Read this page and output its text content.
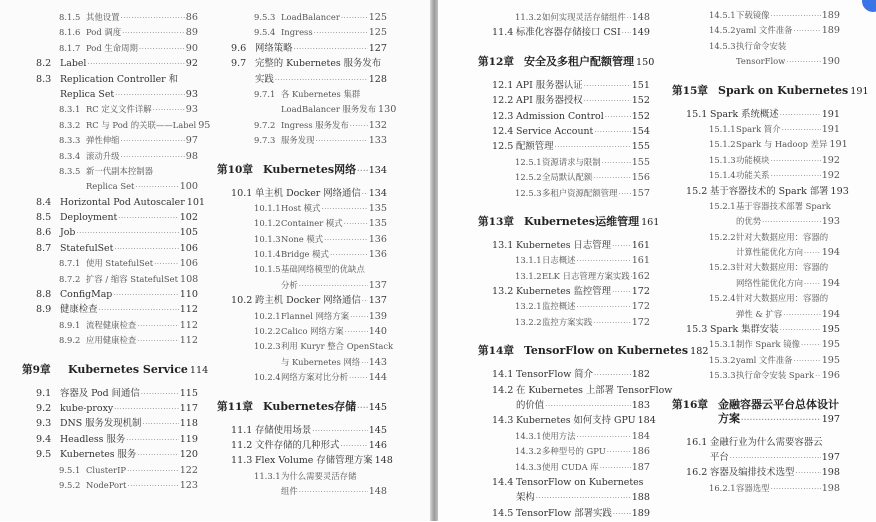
8.1.5 其他设置 ·····	86
8.1.6 Pod 调度 ·····	89
8.1.7 Pod 生命周期 ·····	90
8.2 Label ·····	92
8.3 Replication Controller 和
Replica Set ·····	93
8.3.1 RC 定义文件详解 ·····	93
8.3.2 RC 与 Pod 的关联——Label 95
8.3.3 弹性伸缩 ·····	97
8.3.4 滚动升级 ·····	98
8.3.5 新一代副本控制器
Replica Set ·····	100
8.4 Horizontal Pod Autoscaler 101
8.5 Deployment ·····	102
8.6 Job ·····	105
8.7 StatefulSet ·····	106
8.7.1 使用 StatefulSet ·····	106
8.7.2 扩容 / 缩容 StatefulSet 108
8.8 ConfigMap ·····	110
8.9 健康检查 ·····	112
8.9.1 流程健康检查 ·····	112
8.9.2 应用健康检查 ·····	112
第9章	Kubernetes Service 114
9.1 容器及 Pod 间通信 ·····	115
9.2 kube-proxy ·····	117
9.3 DNS 服务发现机制 ·····	118
9.4 Headless 服务 ·····	119
9.5 Kubernetes 服务 ·····	120
9.5.1 ClusterIP ·····	122
9.5.2 NodePort ·····	123
9.5.3 LoadBalancer ·····	125
9.5.4 Ingress ·····	125
9.6 网络策略 ·····	127
9.7 完整的 Kubernetes 服务发布
实践 ·····	128
9.7.1 各 Kubernetes 集群
LoadBalancer 服务发布 130
9.7.2 Ingress 服务发布 ····· 132
9.7.3 服务发现 ·····	133
第10章 Kubernetes网络 ····· 134
10.1 单主机 Docker 网络通信 ····· 134
10.1.1 Host 模式 ·····	135
10.1.2 Container 模式 ·····	135
10.1.3 None 模式 ·····	136
10.1.4 Bridge 模式 ·····	136
10.1.5 基础网络模型的优缺点
分析 ·····	137
10.2 跨主机 Docker 网络通信 ····· 137
10.2.1 Flannel 网络方案 ····· 139
10.2.2 Calico 网络方案 ·····	140
10.2.3 利用 Kuryr 整合 OpenStack
与 Kubernetes 网络 ····· 143
10.2.4 网络方案对比分析 ····· 144
第11章 Kubernetes存储 ····· 145
11.1 存储使用场景 ·····	145
11.2 文件存储的几种形式 ·····	146
11.3 Flex Volume 存储管理方案 148
11.3.1 为什么需要灵活存储
组件 ·····	148
11.3.2 如何实现灵活存储组件 ····· 148
11.4 标准化容器存储接口 CSI ····· 149
第12章 安全及多租户配额管理 150
12.1 API 服务器认证 ·····	151
12.2 API 服务器授权 ·····	152
12.3 Admission Control ·····	152
12.4 Service Account ·····	154
12.5 配额管理 ·····	155
12.5.1 资源请求与限制 ·····	155
12.5.2 全局默认配额 ·····	156
12.5.3 多租户资源配额管理 ····· 157
第13章 Kubernetes运维管理 161
13.1 Kubernetes 日志管理 ····· 161
13.1.1 日志概述 ·····	161
13.1.2 ELK 日志管理方案实践 ····· 162
13.2 Kubernetes 监控管理 ····· 172
13.2.1 监控概述 ·····	172
13.2.2 监控方案实践 ·····	172
第14章 TensorFlow on Kubernetes 182
14.1 TensorFlow 简介 ·····	182
14.2 在 Kubernetes 上部署 TensorFlow
的价值 ·····	183
14.3 Kubernetes 如何支持 GPU 184
14.3.1 使用方法 ·····	184
14.3.2 多种型号的 GPU ·····	186
14.3.3 使用 CUDA 库 ·····	187
14.4 TensorFlow on Kubernetes
架构 ·····	188
14.5 TensorFlow 部署实践 ····· 189
14.5.1 下载镜像 ·····	189
14.5.2 yaml 文件准备 ·····	189
14.5.3 执行命令安装
TensorFlow ·····	190
第15章 Spark on Kubernetes 191
15.1 Spark 系统概述 ·····	191
15.1.1 Spark 简介 ·····	191
15.1.2 Spark 与 Hadoop 差异 191
15.1.3 功能模块 ·····	192
15.1.4 功能关系 ·····	192
15.2 基于容器技术的 Spark 部署 193
15.2.1 基于容器技术部署 Spark
的优势 ·····	193
15.2.2 针对大数据应用：容器的
计算性能优化方向 ····· 194
15.2.3 针对大数据应用：容器的
网络性能优化方向 ····· 194
15.2.4 针对大数据应用：容器的
弹性 & 扩容 ·····	194
15.3 Spark 集群安装 ·····	195
15.3.1 制作 Spark 镜像 ····· 195
15.3.2 yaml 文件准备 ·····	195
15.3.3 执行命令安装 Spark ····· 196
第16章 金融容器云平台总体设计
方案 ·····	197
16.1 金融行业为什么需要容器云
平台 ·····	197
16.2 容器及编排技术选型 ·····	198
16.2.1 容器选型 ·····	198
